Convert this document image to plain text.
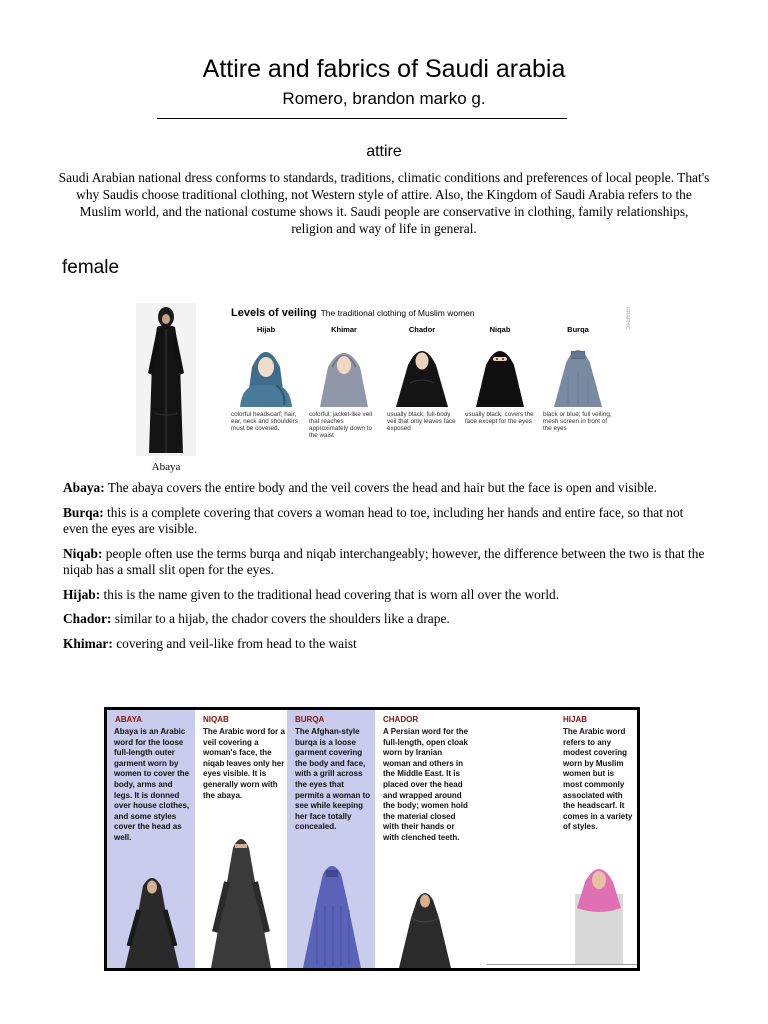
Attire and fabrics of Saudi arabia
Romero, brandon marko g.
attire
Saudi Arabian national dress conforms to standards, traditions, climatic conditions and preferences of local people. That's why Saudis choose traditional clothing, not Western style of attire. Also, the Kingdom of Saudi Arabia refers to the Muslim world, and the national costume shows it. Saudi people are conservative in clothing, family relationships, religion and way of life in general.
female
Abaya
Levels of veiling The traditional clothing of Muslim women	GRAPHIC
Hijab
colorful headscarf; hair, ear, neck and shoulders must be covered.
Khimar
colorful; jacket-like veil that reaches approximately down to the waist
Chador
usually black; full-body veil that only leaves face exposed
Niqab
usually black; covers the face except for the eyes
Burqa
black or blue; full veiling, mesh screen in front of the eyes

Abaya: The abaya covers the entire body and the veil covers the head and hair but the face is open and visible.

Burqa: this is a complete covering that covers a woman head to toe, including her hands and entire face, so that not even the eyes are visible.

Niqab: people often use the terms burqa and niqab interchangeably; however, the difference between the two is that the niqab has a small slit open for the eyes.

Hijab: this is the name given to the traditional head covering that is worn all over the world.

Chador: similar to a hijab, the chador covers the shoulders like a drape.

Khimar: covering and veil-like from head to the waist

ABAYA
Abaya is an Arabic word for the loose full-length outer garment worn by women to cover the body, arms and legs. It is donned over house clothes, and some styles cover the head as well.
NIQAB
The Arabic word for a veil covering a woman's face, the niqab leaves only her eyes visible. It is generally worn with the abaya.
BURQA
The Afghan-style burqa is a loose garment covering the body and face, with a grill across the eyes that permits a woman to see while keeping her face totally concealed.
CHADOR
A Persian word for the full-length, open cloak worn by Iranian woman and others in the Middle East. It is placed over the head and wrapped around the body; women hold the material closed with their hands or with clenched teeth.
The Arabic word refers to any modest covering worn by Muslim women but is most commonly associated with the headscarf. It comes in a variety of styles.
HIJAB
